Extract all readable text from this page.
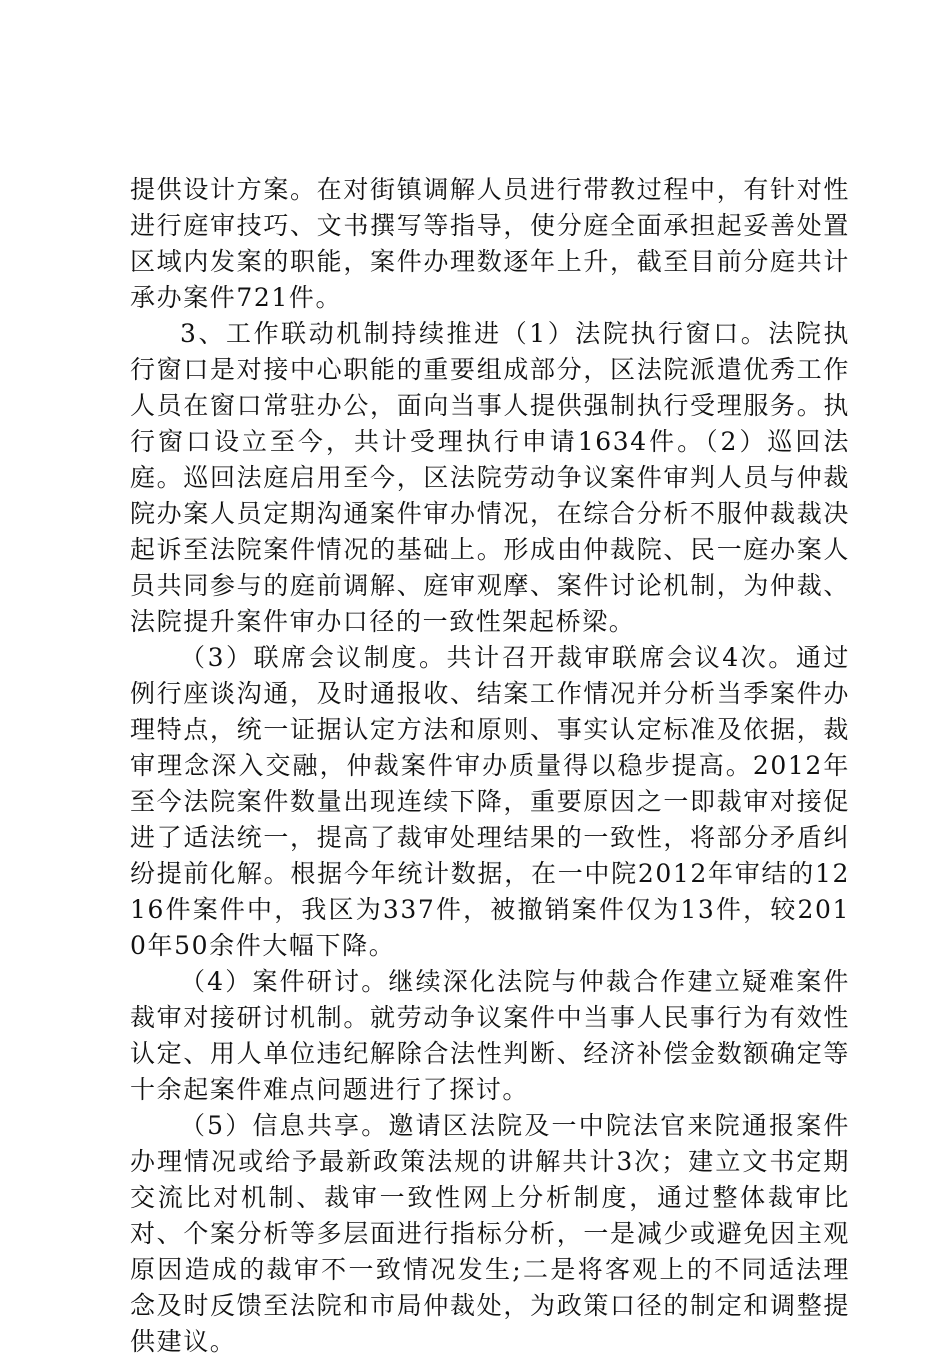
提供设计方案。在对街镇调解人员进行带教过程中，有针对性进行庭审技巧、文书撰写等指导，使分庭全面承担起妥善处置区域内发案的职能，案件办理数逐年上升，截至目前分庭共计承办案件721件。

3、工作联动机制持续推进（1）法院执行窗口。法院执行窗口是对接中心职能的重要组成部分，区法院派遣优秀工作人员在窗口常驻办公，面向当事人提供强制执行受理服务。执行窗口设立至今，共计受理执行申请1634件。（2）巡回法庭。巡回法庭启用至今，区法院劳动争议案件审判人员与仲裁院办案人员定期沟通案件审办情况，在综合分析不服仲裁裁决起诉至法院案件情况的基础上。形成由仲裁院、民一庭办案人员共同参与的庭前调解、庭审观摩、案件讨论机制，为仲裁、法院提升案件审办口径的一致性架起桥梁。

（3）联席会议制度。共计召开裁审联席会议4次。通过例行座谈沟通，及时通报收、结案工作情况并分析当季案件办理特点，统一证据认定方法和原则、事实认定标准及依据，裁审理念深入交融，仲裁案件审办质量得以稳步提高。2012年至今法院案件数量出现连续下降，重要原因之一即裁审对接促进了适法统一，提高了裁审处理结果的一致性，将部分矛盾纠纷提前化解。根据今年统计数据，在一中院2012年审结的1216件案件中，我区为337件，被撤销案件仅为13件，较2010年50余件大幅下降。

（4）案件研讨。继续深化法院与仲裁合作建立疑难案件裁审对接研讨机制。就劳动争议案件中当事人民事行为有效性认定、用人单位违纪解除合法性判断、经济补偿金数额确定等十余起案件难点问题进行了探讨。

（5）信息共享。邀请区法院及一中院法官来院通报案件办理情况或给予最新政策法规的讲解共计3次；建立文书定期交流比对机制、裁审一致性网上分析制度，通过整体裁审比对、个案分析等多层面进行指标分析，一是减少或避免因主观原因造成的裁审不一致情况发生;二是将客观上的不同适法理念及时反馈至法院和市局仲裁处，为政策口径的制定和调整提供建议。
